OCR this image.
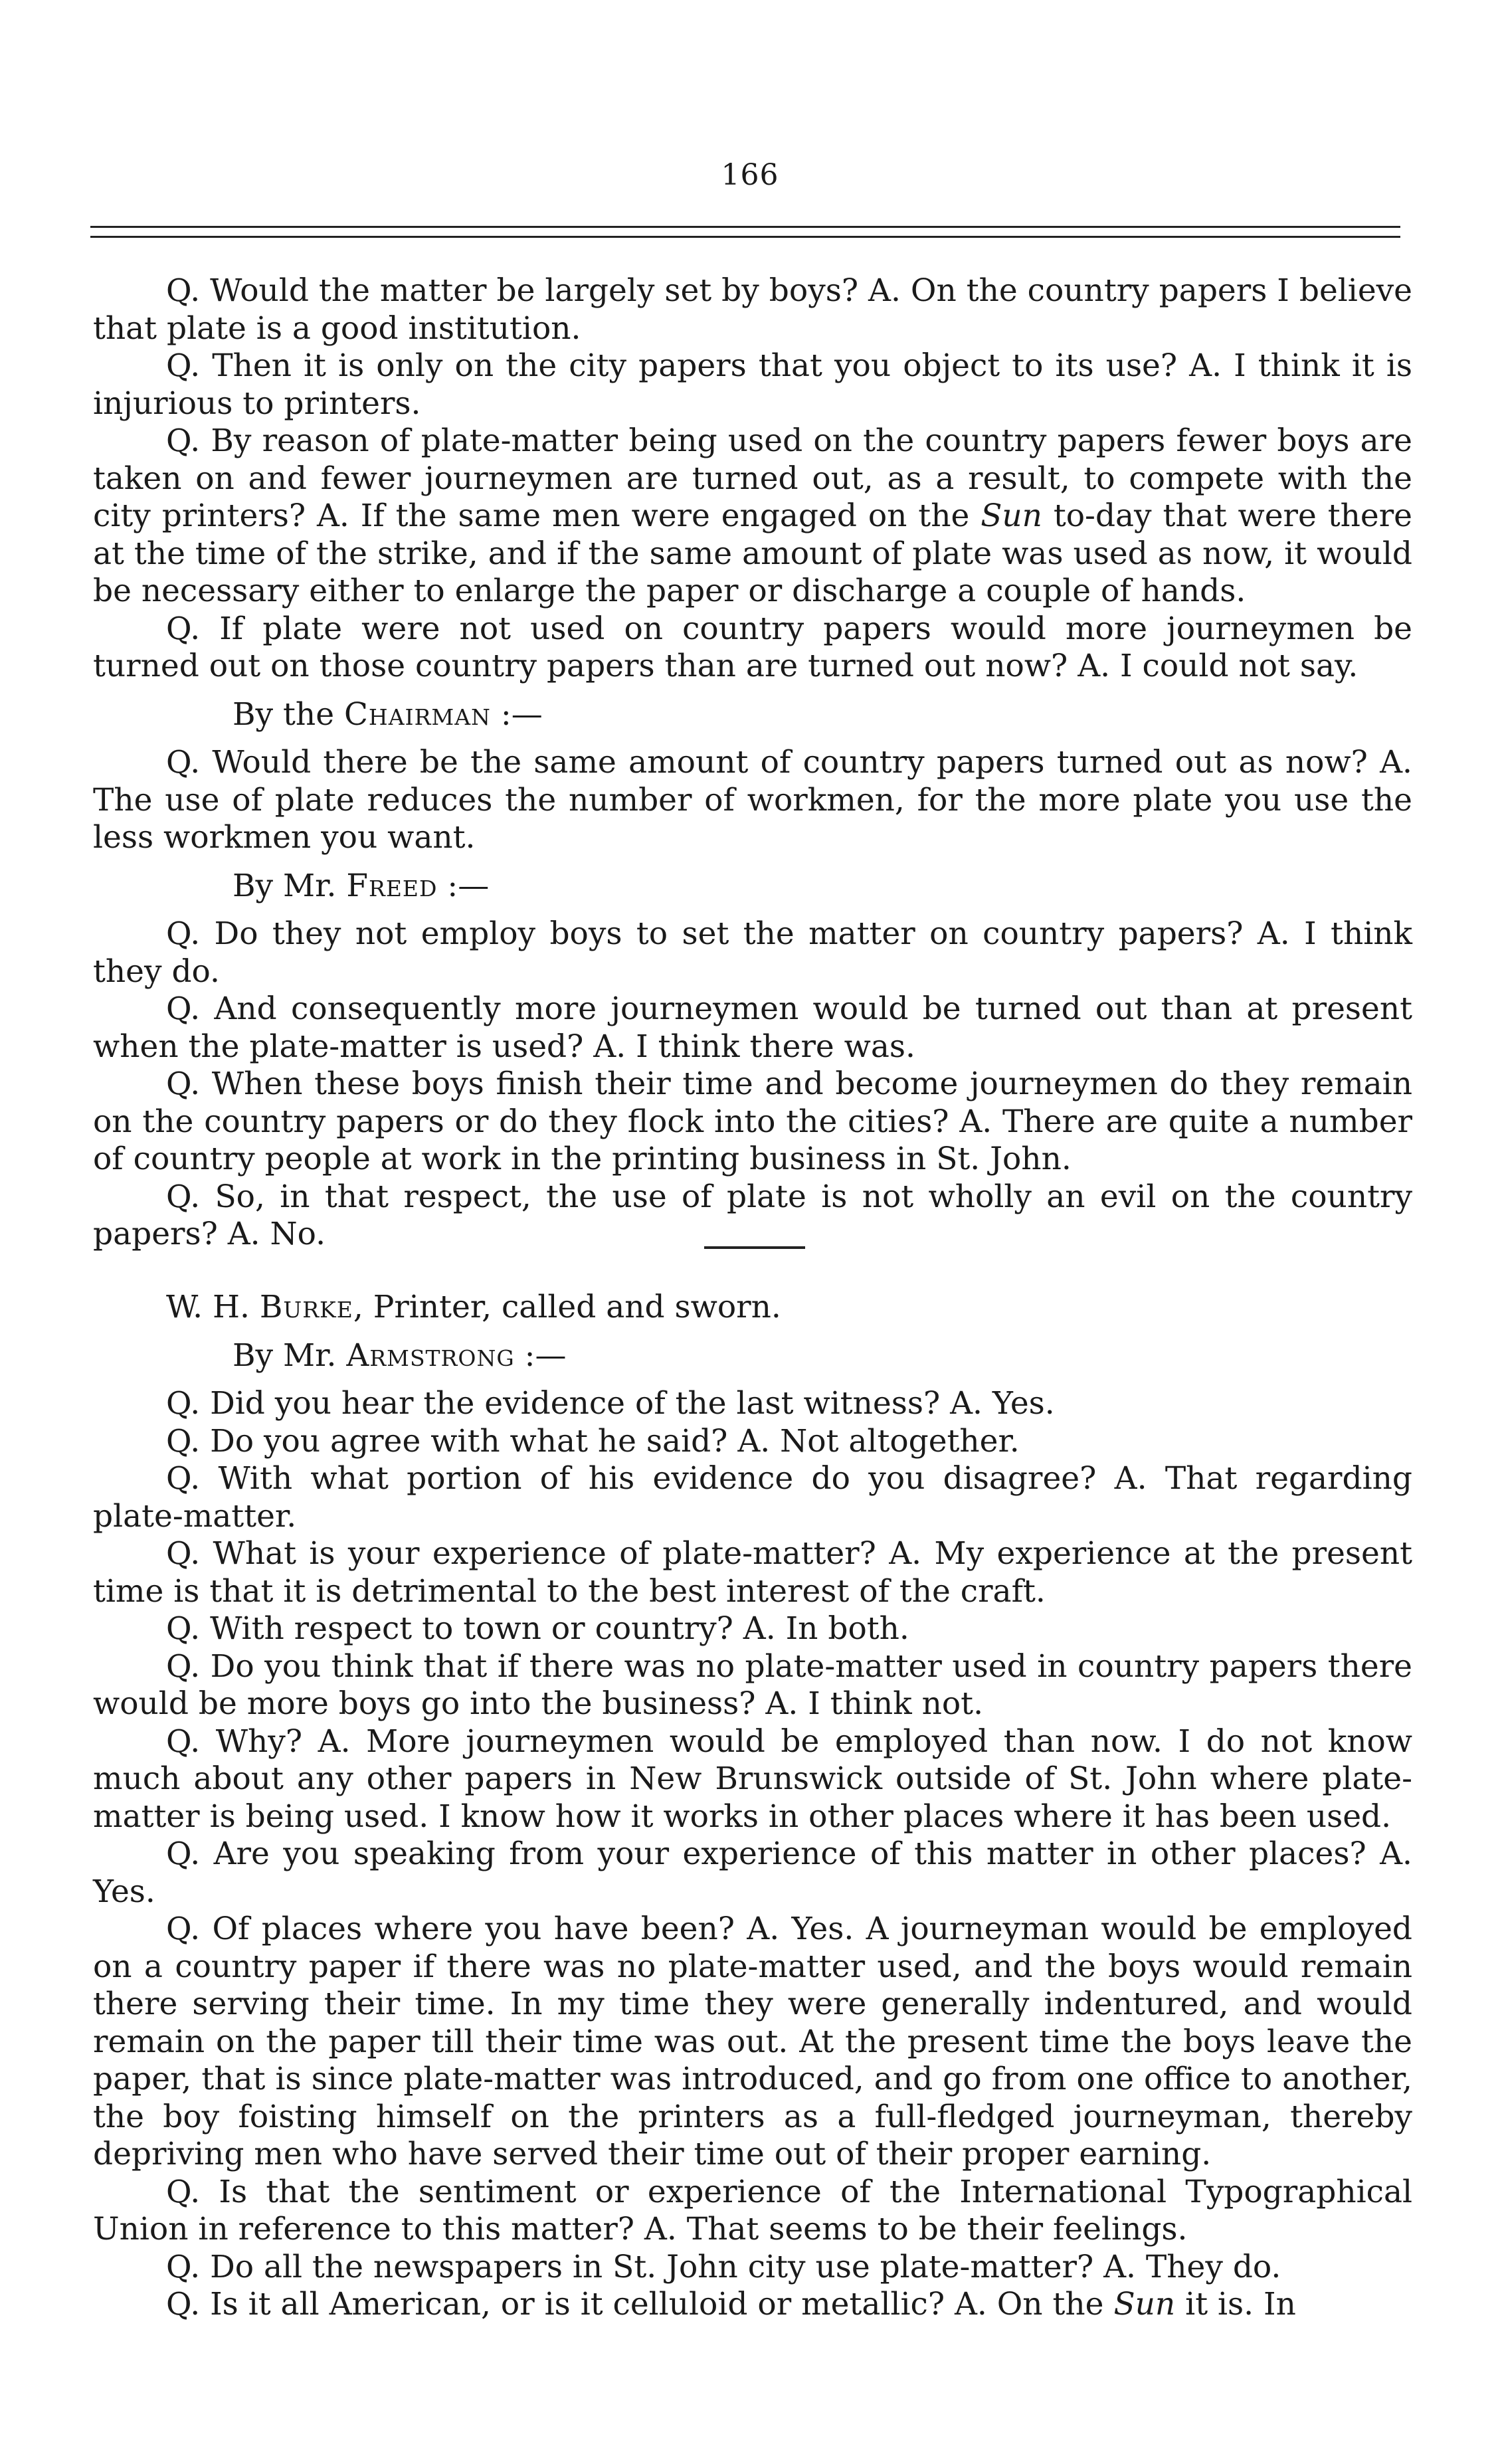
166

Q. Would the matter be largely set by boys? A. On the country papers I believe that plate is a good institution.

Q. Then it is only on the city papers that you object to its use? A. I think it is injurious to printers.

Q. By reason of plate-matter being used on the country papers fewer boys are taken on and fewer journeymen are turned out, as a result, to compete with the city printers? A. If the same men were engaged on the Sun to-day that were there at the time of the strike, and if the same amount of plate was used as now, it would be necessary either to enlarge the paper or discharge a couple of hands.

Q. If plate were not used on country papers would more journeymen be turned out on those country papers than are turned out now? A. I could not say.

By the Chairman :—

Q. Would there be the same amount of country papers turned out as now? A. The use of plate reduces the number of workmen, for the more plate you use the less workmen you want.

By Mr. Freed :—

Q. Do they not employ boys to set the matter on country papers? A. I think they do.

Q. And consequently more journeymen would be turned out than at present when the plate-matter is used? A. I think there was.

Q. When these boys finish their time and become journeymen do they remain on the country papers or do they flock into the cities? A. There are quite a number of country people at work in the printing business in St. John.

Q. So, in that respect, the use of plate is not wholly an evil on the country papers? A. No.

W. H. Burke, Printer, called and sworn.

By Mr. Armstrong :—

Q. Did you hear the evidence of the last witness? A. Yes.

Q. Do you agree with what he said? A. Not altogether.

Q. With what portion of his evidence do you disagree? A. That regarding plate-matter.

Q. What is your experience of plate-matter? A. My experience at the present time is that it is detrimental to the best interest of the craft.

Q. With respect to town or country? A. In both.

Q. Do you think that if there was no plate-matter used in country papers there would be more boys go into the business? A. I think not.

Q. Why? A. More journeymen would be employed than now. I do not know much about any other papers in New Brunswick outside of St. John where plate-matter is being used. I know how it works in other places where it has been used.

Q. Are you speaking from your experience of this matter in other places? A. Yes.

Q. Of places where you have been? A. Yes. A journeyman would be employed on a country paper if there was no plate-matter used, and the boys would remain there serving their time. In my time they were generally indentured, and would remain on the paper till their time was out. At the present time the boys leave the paper, that is since plate-matter was introduced, and go from one office to another, the boy foisting himself on the printers as a full-fledged journeyman, thereby depriving men who have served their time out of their proper earning.

Q. Is that the sentiment or experience of the International Typographical Union in reference to this matter? A. That seems to be their feelings.

Q. Do all the newspapers in St. John city use plate-matter? A. They do.

Q. Is it all American, or is it celluloid or metallic? A. On the Sun it is. In
